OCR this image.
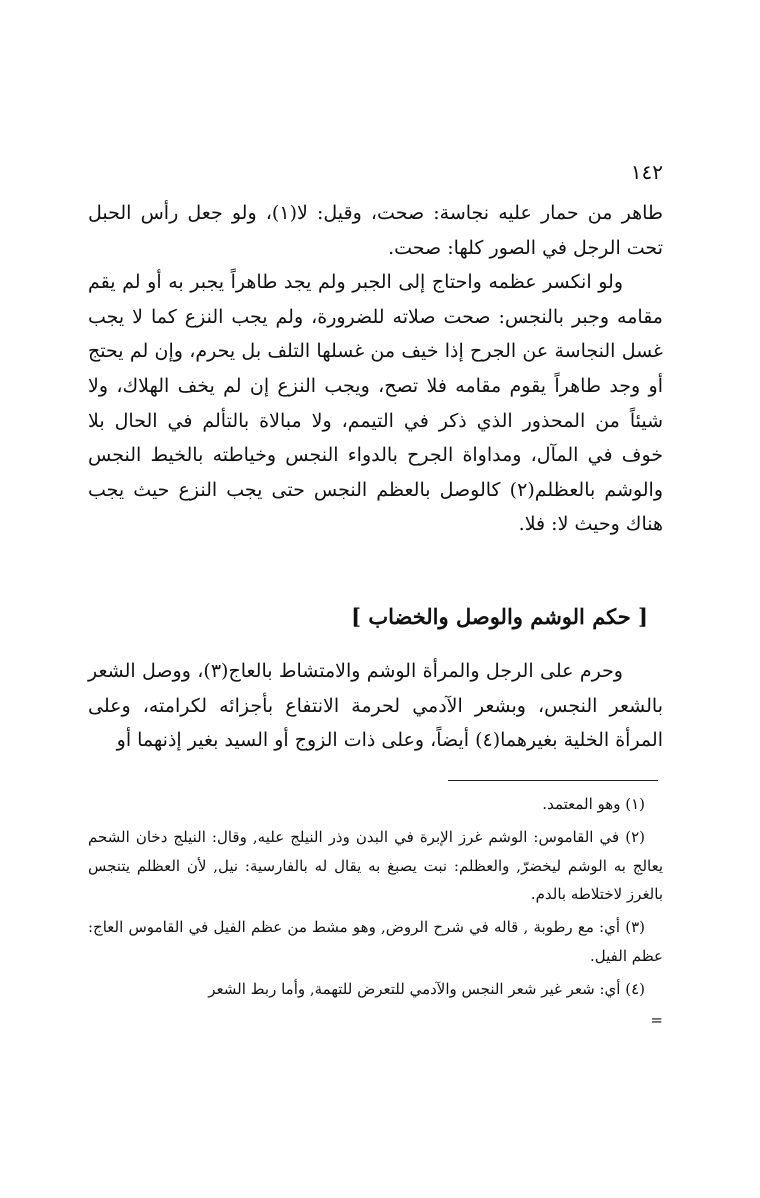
١٤٢

طاهر من حمار عليه نجاسة: صحت، وقيل: لا(١)، ولو جعل رأس الحبل تحت الرجل في الصور كلها: صحت.

ولو انكسر عظمه واحتاج إلى الجبر ولم يجد طاهراً يجبر به أو لم يقم مقامه وجبر بالنجس: صحت صلاته للضرورة، ولم يجب النزع كما لا يجب غسل النجاسة عن الجرح إذا خيف من غسلها التلف بل يحرم، وإن لم يحتج أو وجد طاهراً يقوم مقامه فلا تصح، ويجب النزع إن لم يخف الهلاك، ولا شيئاً من المحذور الذي ذكر في التيمم، ولا مبالاة بالتألم في الحال بلا خوف في المآل، ومداواة الجرح بالدواء النجس وخياطته بالخيط النجس والوشم بالعظلم(٢) كالوصل بالعظم النجس حتى يجب النزع حيث يجب هناك وحيث لا: فلا.

[ حكم الوشم والوصل والخضاب ]

وحرم على الرجل والمرأة الوشم والامتشاط بالعاج(٣)، ووصل الشعر بالشعر النجس، وبشعر الآدمي لحرمة الانتفاع بأجزائه لكرامته، وعلى المرأة الخلية بغيرهما(٤) أيضاً، وعلى ذات الزوج أو السيد بغير إذنهما أو

(١) وهو المعتمد.

(٢) في القاموس: الوشم غرز الإبرة في البدن وذر النيلج عليه, وقال: النيلج دخان الشحم يعالج به الوشم ليخضرّ, والعظلم: نبت يصبغ به يقال له بالفارسية: نيل, لأن العظلم يتنجس بالغرز لاختلاطه بالدم.

(٣) أي: مع رطوبة , قاله في شرح الروض, وهو مشط من عظم الفيل في القاموس العاج: عظم الفيل.

(٤) أي: شعر غير شعر النجس والآدمي للتعرض للتهمة, وأما ربط الشعر

=
